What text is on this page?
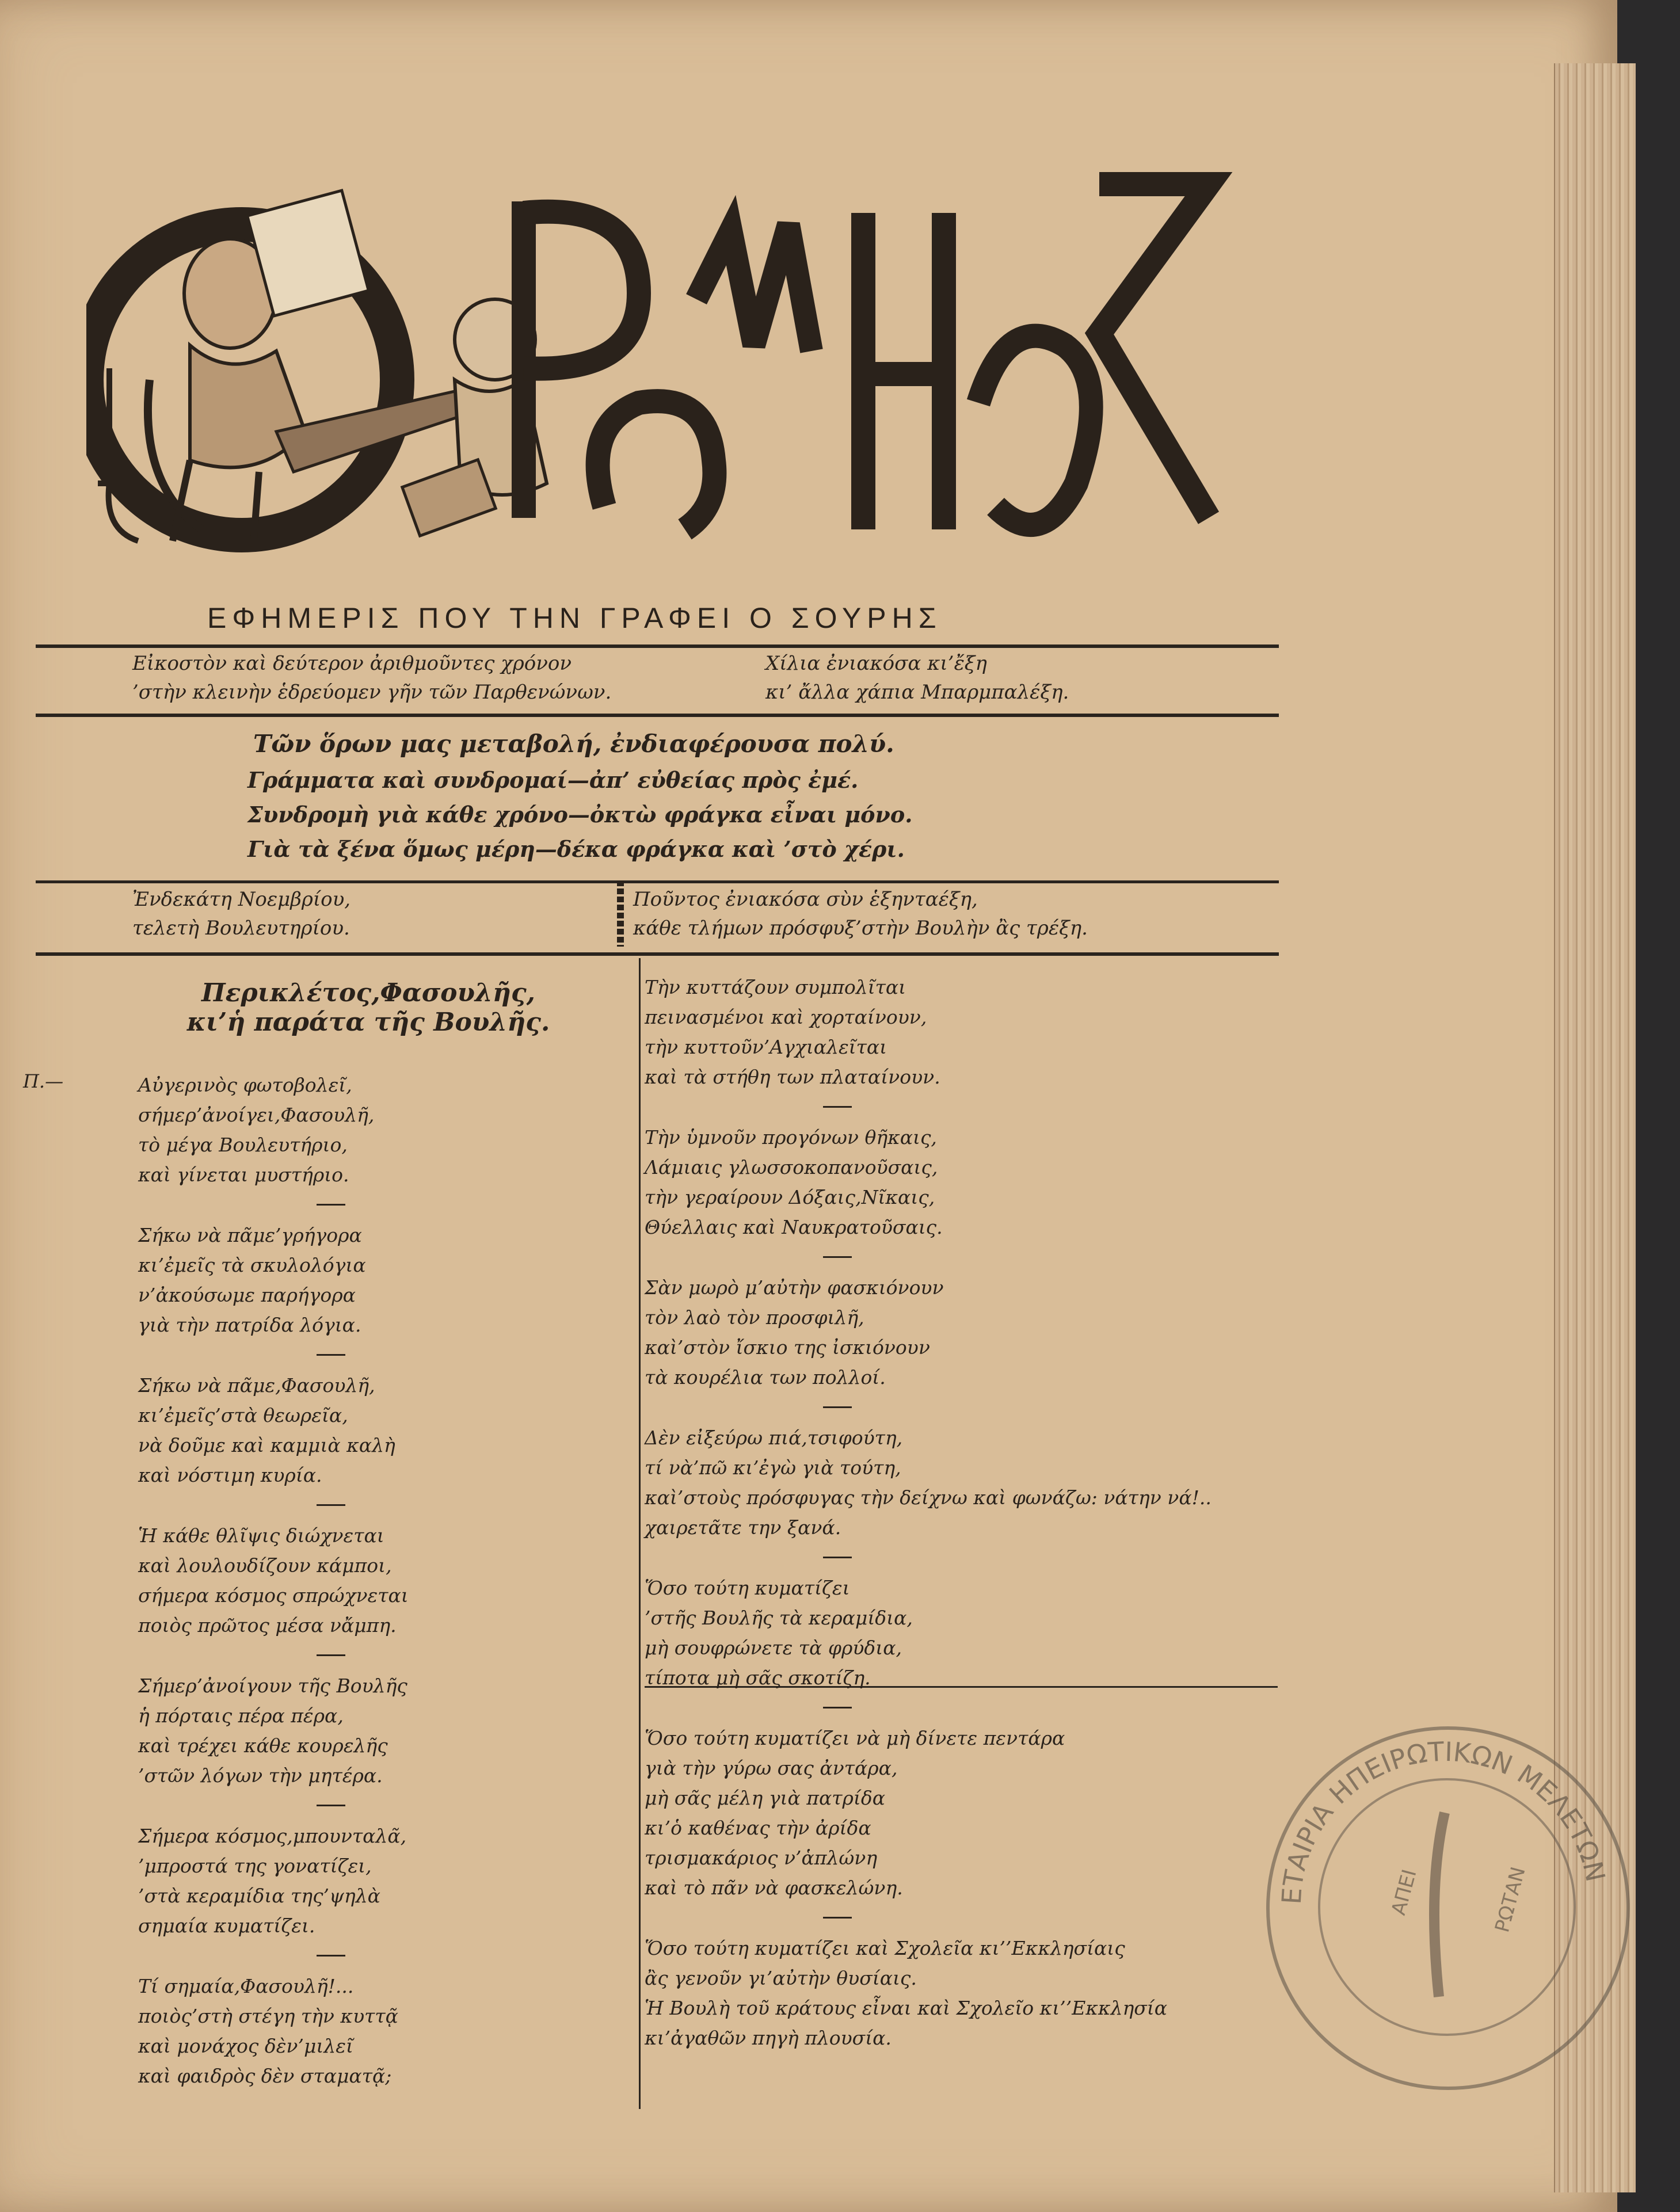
ΕΦΗΜΕΡΙΣ ΠΟΥ ΤΗΝ ΓΡΑΦΕΙ Ο ΣΟΥΡΗΣ
Εἰκοστὸν καὶ δεύτερον ἀριθμοῦντες χρόνον
’στὴν κλεινὴν ἑδρεύομεν γῆν τῶν Παρθενώνων.
Χίλια ἐνιακόσα κι’ἔξη
κι’ ἄλλα χάπια Μπαρμπαλέξη.
Τῶν ὅρων μας μεταβολή, ἐνδιαφέρουσα πολύ.
Γράμματα καὶ συνδρομαί—ἀπ’ εὐθείας πρὸς ἐμέ.
Συνδρομὴ γιὰ κάθε χρόνο—ὀκτὼ φράγκα εἶναι μόνο.
Γιὰ τὰ ξένα ὅμως μέρη—δέκα φράγκα καὶ ’στὸ χέρι.
Ἐνδεκάτη Νοεμβρίου,
τελετὴ Βουλευτηρίου.
Ποῦντος ἐνιακόσα σὺν ἑξηνταέξη,
κάθε τλήμων πρόσφυξ’στὴν Βουλὴν ἂς τρέξη.
Περικλέτος,Φασουλῆς,
κι’ἡ παράτα τῆς Βουλῆς.
Π.—	Αὐγερινὸς φωτοβολεῖ,
σήμερ’ἀνοίγει,Φασουλῆ,
τὸ μέγα Βουλευτήριο,
καὶ γίνεται μυστήριο.
Σήκω νὰ πᾶμε’γρήγορα
κι’ἐμεῖς τὰ σκυλολόγια
ν’ἀκούσωμε παρήγορα
γιὰ τὴν πατρίδα λόγια.
Σήκω νὰ πᾶμε,Φασουλῆ,
κι’ἐμεῖς’στὰ θεωρεῖα,
νὰ δοῦμε καὶ καμμιὰ καλὴ
καὶ νόστιμη κυρία.
Ἡ κάθε θλῖψις διώχνεται
καὶ λουλουδίζουν κάμποι,
σήμερα κόσμος σπρώχνεται
ποιὸς πρῶτος μέσα νἄμπη.
Σήμερ’ἀνοίγουν τῆς Βουλῆς
ἡ πόρταις πέρα πέρα,
καὶ τρέχει κάθε κουρελῆς
’στῶν λόγων τὴν μητέρα.
Σήμερα κόσμος,μπουνταλᾶ,
’μπροστά της γονατίζει,
’στὰ κεραμίδια της’ψηλὰ
σημαία κυματίζει.
Τί σημαία,Φασουλῆ!...
ποιὸς’στὴ στέγη τὴν κυττᾷ
καὶ μονάχος δὲν’μιλεῖ
καὶ φαιδρὸς δὲν σταματᾷ;
Τὴν κυττάζουν συμπολῖται
πεινασμένοι καὶ χορταίνουν,
τὴν κυττοῦν’Αγχιαλεῖται
καὶ τὰ στήθη των πλαταίνουν.
Τὴν ὑμνοῦν προγόνων θῆκαις,
Λάμιαις γλωσσοκοπανοῦσαις,
τὴν γεραίρουν Δόξαις,Νῖκαις,
Θύελλαις καὶ Ναυκρατοῦσαις.
Σὰν μωρὸ μ’αὐτὴν φασκιόνουν
τὸν λαὸ τὸν προσφιλῆ,
καὶ’στὸν ἴσκιο της ἰσκιόνουν
τὰ κουρέλια των πολλοί.
Δὲν εἰξεύρω πιά,τσιφούτη,
τί νὰ’πῶ κι’ἐγὼ γιὰ τούτη,
καὶ’στοὺς πρόσφυγας τὴν δείχνω καὶ φωνάζω: νάτην νά!..
χαιρετᾶτε την ξανά.
Ὅσο τούτη κυματίζει
’στῆς Βουλῆς τὰ κεραμίδια,
μὴ σουφρώνετε τὰ φρύδια,
τίποτα μὴ σᾶς σκοτίζη.
Ὅσο τούτη κυματίζει νὰ μὴ δίνετε πεντάρα
γιὰ τὴν γύρω σας ἀντάρα,
μὴ σᾶς μέλη γιὰ πατρίδα
κι’ὁ καθένας τὴν ἀρίδα
τρισμακάριος ν’ἁπλώνη
καὶ τὸ πᾶν νὰ φασκελώνη.
Ὅσο τούτη κυματίζει καὶ Σχολεῖα κι’’Εκκλησίαις
ἂς γενοῦν γι’αὐτὴν θυσίαις.
Ἡ Βουλὴ τοῦ κράτους εἶναι καὶ Σχολεῖο κι’’Εκκλησία
κι’ἀγαθῶν πηγὴ πλουσία.
ΕΤΑΙΡΙΑ ΗΠΕΙΡΩΤΙΚΩΝ ΜΕΛΕΤΩΝ
ΑΠΕΙ	ΡΩΤΑΝ
